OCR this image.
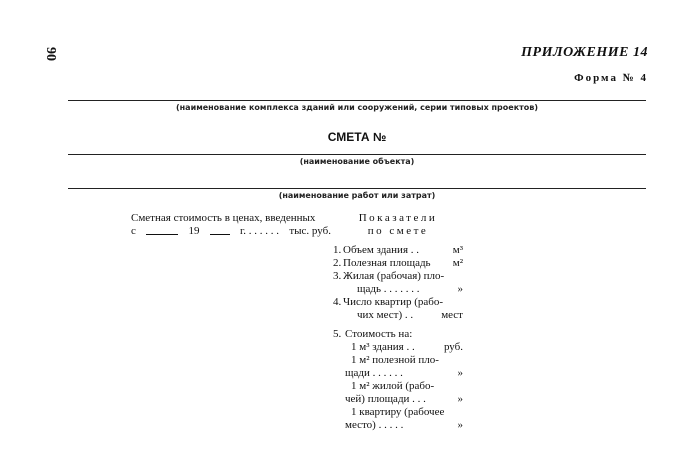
90	ПРИЛОЖЕНИЕ 14
Форма № 4
(наименование комплекса зданий или сооружений, серии типовых проектов)
СМЕТА №
(наименование объекта)
(наименование работ или затрат)
Сметная стоимость в ценах, введенных
с	19	г. . . . . . . тыс. руб.
Показатели
по смете
1. Объем здания . .	м³
2. Полезная площадь м²
3. Жилая (рабочая) пло-
щадь . . . . . . .	»
4. Число квартир (рабо-
чих мест) . .	мест
5. Стоимость на:
1 м³ здания . .	руб.
1 м² полезной пло-
щади . . . . . .	»
1 м² жилой (рабо-
чей) площади . . .	»
1 квартиру (рабочее
место) . . . . .	»
